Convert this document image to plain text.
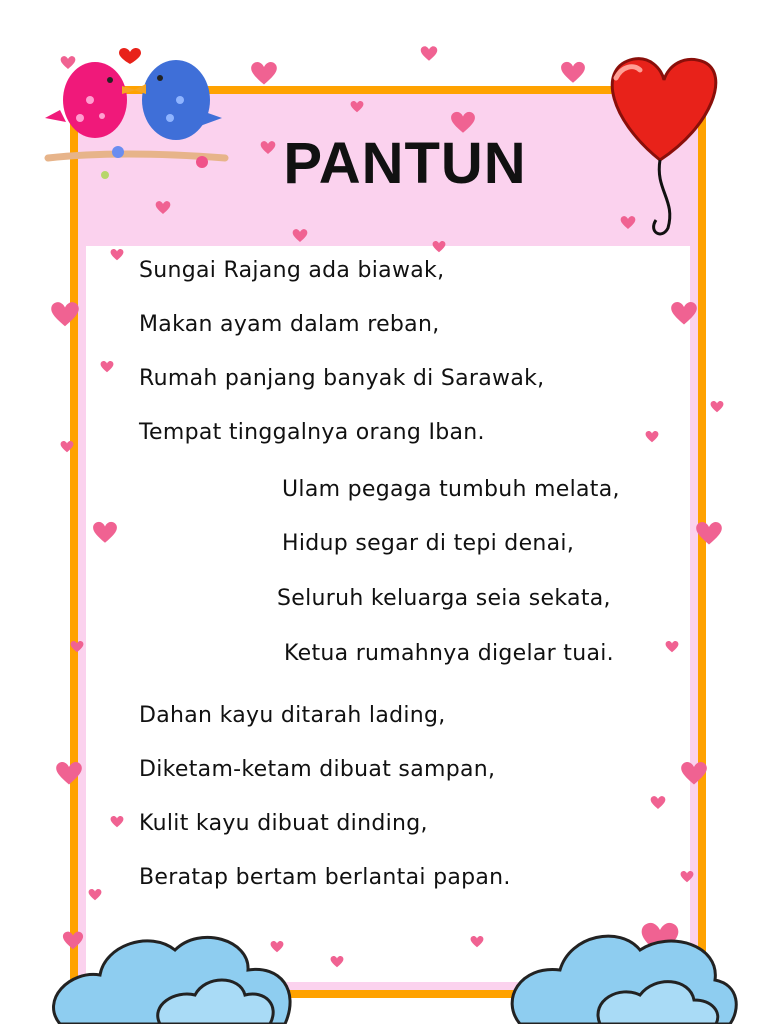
PANTUN
Sungai Rajang ada biawak,
Makan ayam dalam reban,
Rumah panjang banyak di Sarawak,
Tempat tinggalnya orang Iban.
Ulam pegaga tumbuh melata,
Hidup segar di tepi denai,
Seluruh keluarga seia sekata,
Ketua rumahnya digelar tuai.
Dahan kayu ditarah lading,
Diketam-ketam dibuat sampan,
Kulit kayu dibuat dinding,
Beratap bertam berlantai papan.
